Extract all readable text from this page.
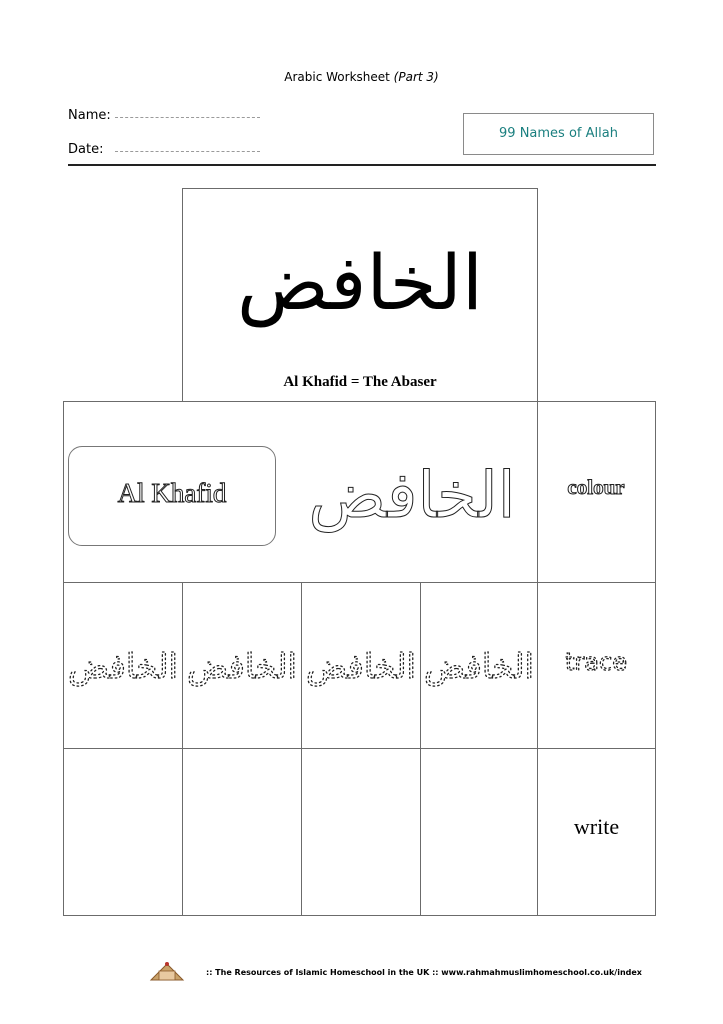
Arabic Worksheet (Part 3)
Name:
Date:
99 Names of Allah
الخافض
Al Khafid = The Abaser
Al Khafid الخافض colour
الخافض الخافض الخافض الخافض trace
write
:: The Resources of Islamic Homeschool in the UK :: www.rahmahmuslimhomeschool.co.uk/index
